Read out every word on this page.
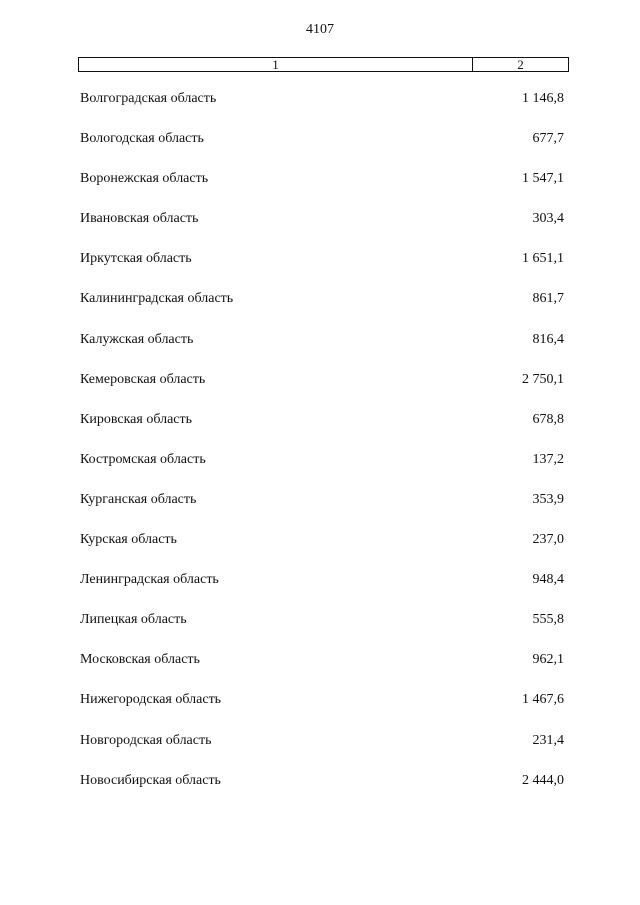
4107
1	2
Волгоградская область	1 146,8
Вологодская область	677,7
Воронежская область	1 547,1
Ивановская область	303,4
Иркутская область	1 651,1
Калининградская область	861,7
Калужская область	816,4
Кемеровская область	2 750,1
Кировская область	678,8
Костромская область	137,2
Курганская область	353,9
Курская область	237,0
Ленинградская область	948,4
Липецкая область	555,8
Московская область	962,1
Нижегородская область	1 467,6
Новгородская область	231,4
Новосибирская область	2 444,0
